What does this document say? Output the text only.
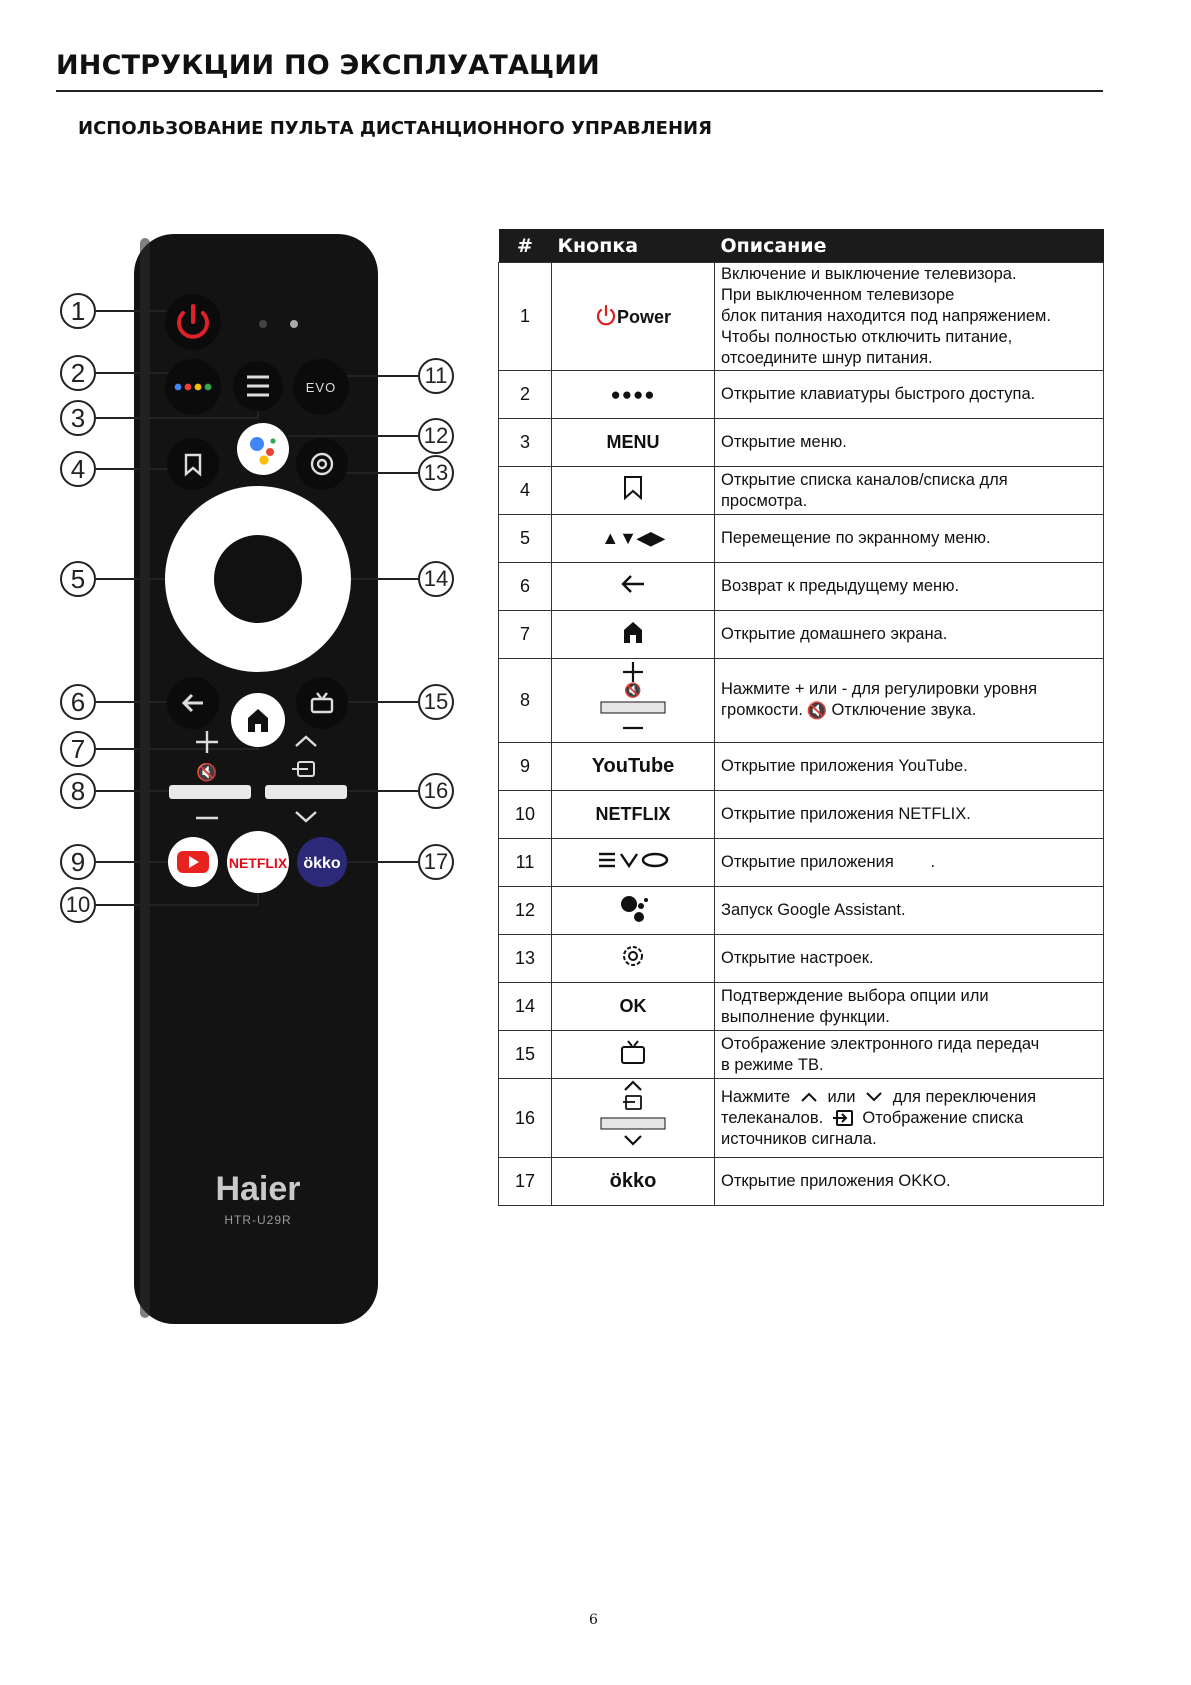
ИНСТРУКЦИИ ПО ЭКСПЛУАТАЦИИ
ИСПОЛЬЗОВАНИЕ ПУЛЬТА ДИСТАНЦИОННОГО УПРАВЛЕНИЯ
EVO
🔇
NETFLIX ökko
Haier
HTR-U29R
1
2
3
4
5
6
7
8
9
10
11
12
13
14
15
16
17
#	Кнопка	Описание
1	Power	Включение и выключение телевизора.
При выключенном телевизоре
блок питания находится под напряжением.
Чтобы полностью отключить питание,
отсоедините шнур питания.

2	●●●●	Открытие клавиатуры быстрого доступа.
3	MENU	Открытие меню.
4		Открытие списка каналов/списка для
просмотра.

5	▲▼◀▶	Перемещение по экранному меню.
6		Возврат к предыдущему меню.
7		Открытие домашнего экрана.
8	🔇	Нажмите + или - для регулировки уровня
громкости. 🔇 Отключение звука.

9	YouTube	Открытие приложения YouTube.
10	NETFLIX	Открытие приложения NETFLIX.
11		Открытие приложения        .
12		Запуск Google Assistant.
13		Открытие настроек.
14	OK	Подтверждение выбора опции или
выполнение функции.

15		Отображение электронного гида передач
в режиме ТВ.

16		Нажмите или для переключения
телеканалов. Отображение списка
источников сигнала.

17	ökko	Открытие приложения OKKO.
6
